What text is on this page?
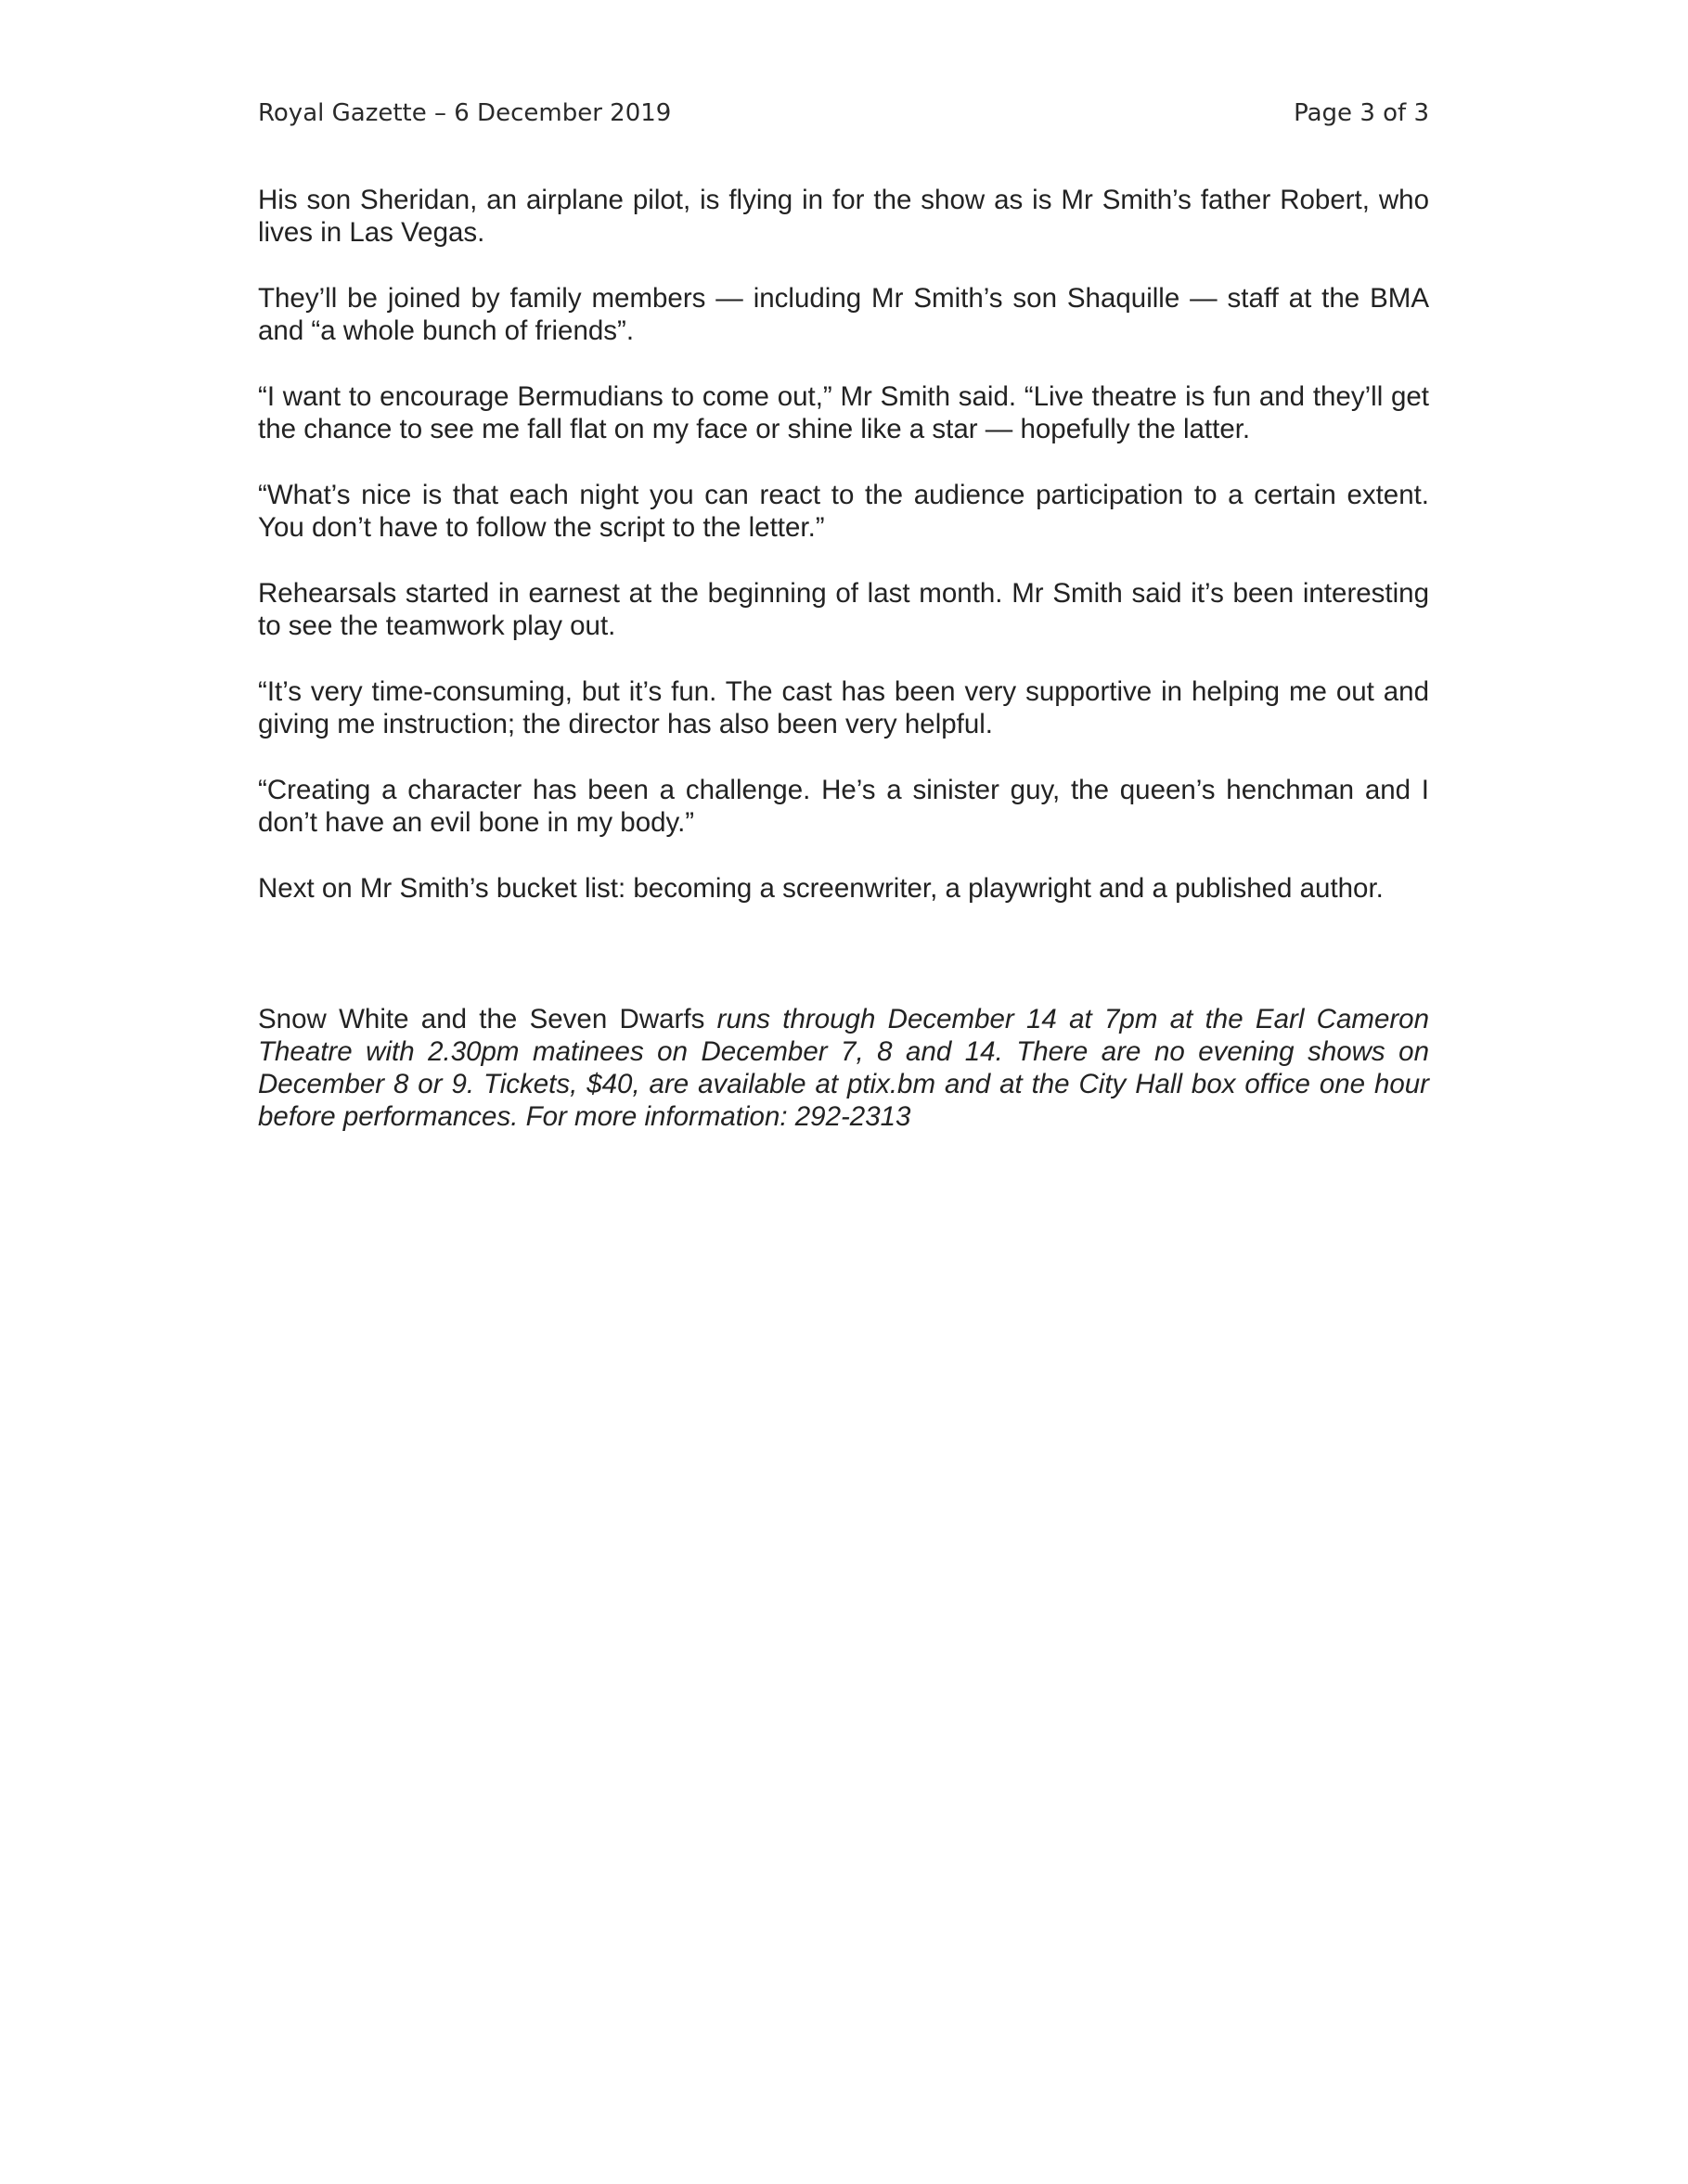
Royal Gazette – 6 December 2019	Page 3 of 3

His son Sheridan, an airplane pilot, is flying in for the show as is Mr Smith’s father Robert, who lives in Las Vegas.

They’ll be joined by family members — including Mr Smith’s son Shaquille — staff at the BMA and “a whole bunch of friends”.

“I want to encourage Bermudians to come out,” Mr Smith said. “Live theatre is fun and they’ll get the chance to see me fall flat on my face or shine like a star — hopefully the latter.

“What’s nice is that each night you can react to the audience participation to a certain extent. You don’t have to follow the script to the letter.”

Rehearsals started in earnest at the beginning of last month. Mr Smith said it’s been interesting to see the teamwork play out.

“It’s very time-consuming, but it’s fun. The cast has been very supportive in helping me out and giving me instruction; the director has also been very helpful.

“Creating a character has been a challenge. He’s a sinister guy, the queen’s henchman and I don’t have an evil bone in my body.”

Next on Mr Smith’s bucket list: becoming a screenwriter, a playwright and a published author.

Snow White and the Seven Dwarfs runs through December 14 at 7pm at the Earl Cameron Theatre with 2.30pm matinees on December 7, 8 and 14. There are no evening shows on December 8 or 9. Tickets, $40, are available at ptix.bm and at the City Hall box office one hour before performances. For more information: 292-2313
